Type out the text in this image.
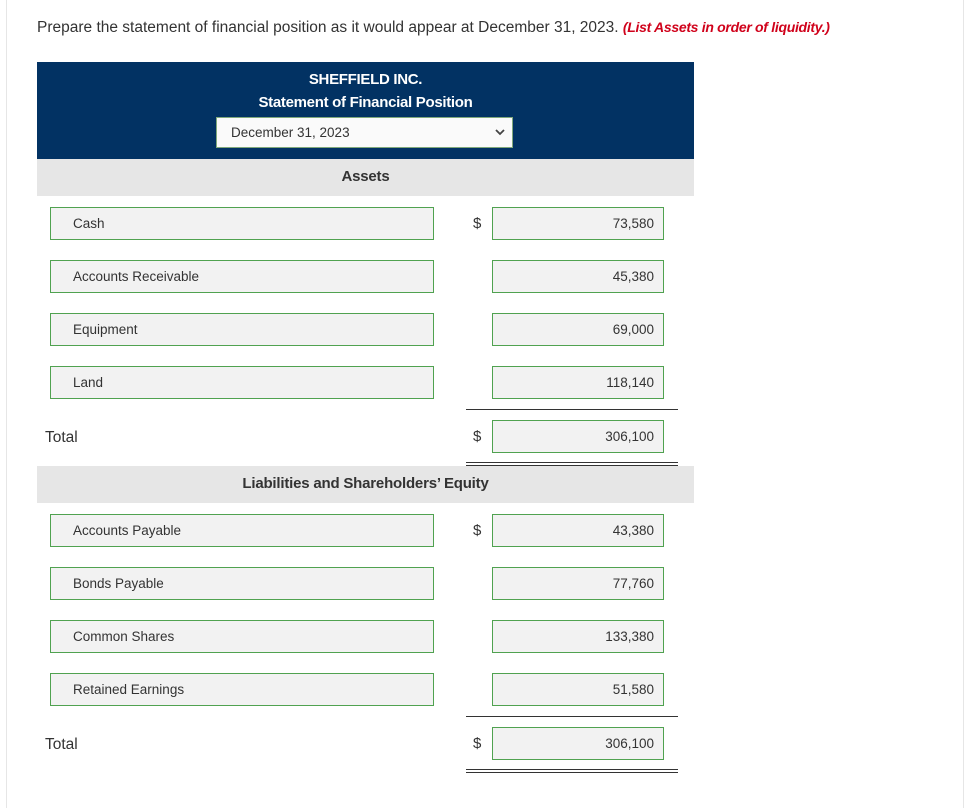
Prepare the statement of financial position as it would appear at December 31, 2023. (List Assets in order of liquidity.)
SHEFFIELD INC.
Statement of Financial Position
December 31, 2023
Assets
Cash	$	73,580
Accounts Receivable	45,380
Equipment	69,000
Land	118,140
Total	$	306,100
Liabilities and Shareholders’ Equity
Accounts Payable	$	43,380
Bonds Payable	77,760
Common Shares	133,380
Retained Earnings	51,580
Total	$	306,100
